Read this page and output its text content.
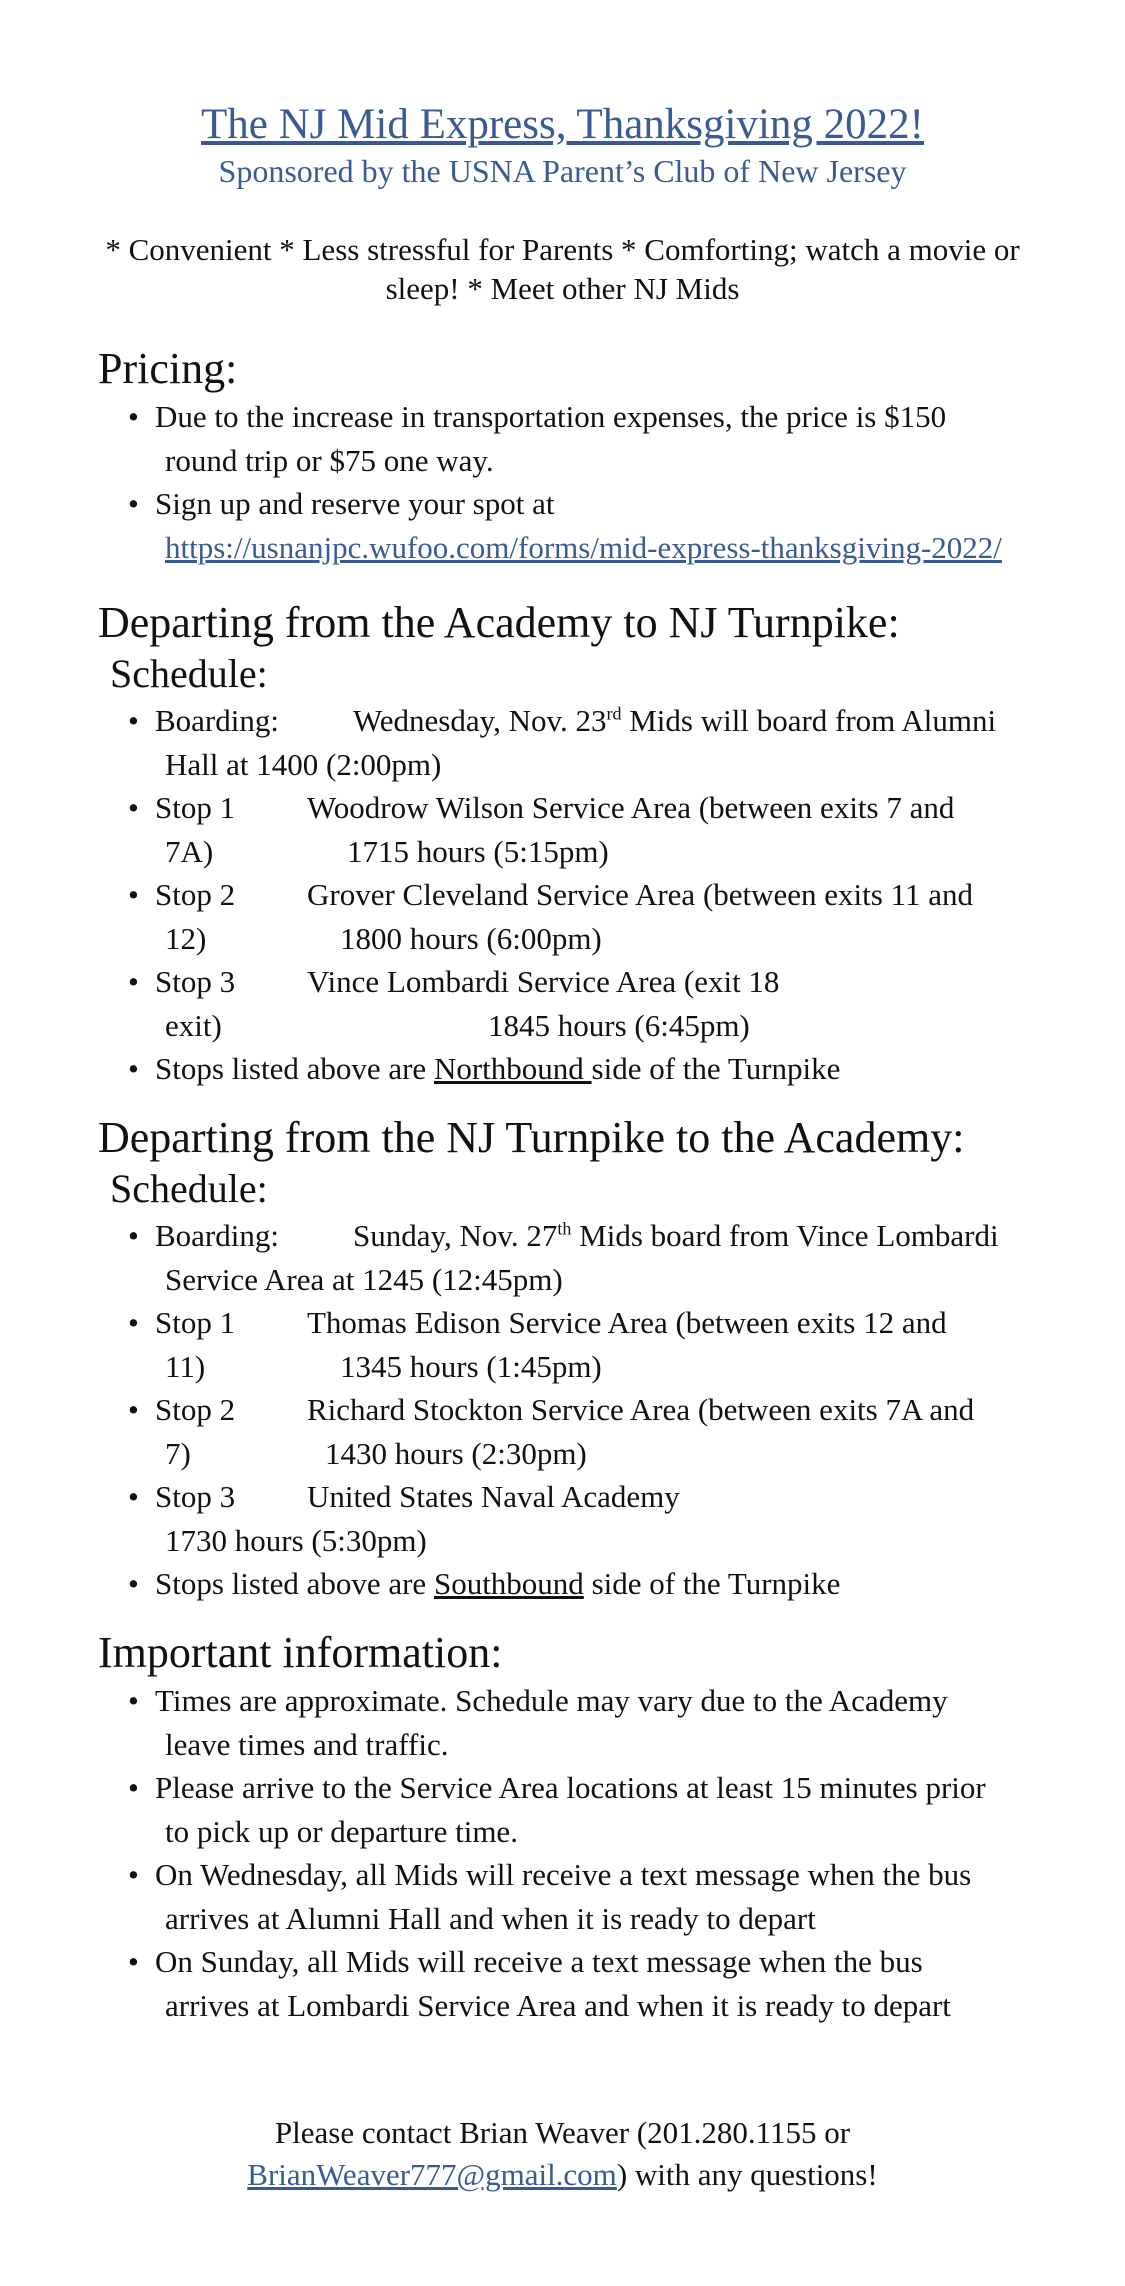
The NJ Mid Express, Thanksgiving 2022!
Sponsored by the USNA Parent’s Club of New Jersey
* Convenient * Less stressful for Parents * Comforting; watch a movie or
sleep! * Meet other NJ Mids
Pricing:
• Due to the increase in transportation expenses, the price is $150
round trip or $75 one way.
• Sign up and reserve your spot at
https://usnanjpc.wufoo.com/forms/mid-express-thanksgiving-2022/
Departing from the Academy to NJ Turnpike:
Schedule:
• Boarding: Wednesday, Nov. 23rd Mids will board from Alumni
Hall at 1400 (2:00pm)
• Stop 1 Woodrow Wilson Service Area (between exits 7 and
7A)	1715 hours (5:15pm)
• Stop 2 Grover Cleveland Service Area (between exits 11 and
12)	1800 hours (6:00pm)
• Stop 3 Vince Lombardi Service Area (exit 18
exit)	1845 hours (6:45pm)
• Stops listed above are Northbound side of the Turnpike
Departing from the NJ Turnpike to the Academy:
Schedule:
• Boarding: Sunday, Nov. 27th Mids board from Vince Lombardi
Service Area at 1245 (12:45pm)
• Stop 1 Thomas Edison Service Area (between exits 12 and
11)	1345 hours (1:45pm)
• Stop 2 Richard Stockton Service Area (between exits 7A and
7)	1430 hours (2:30pm)
• Stop 3 United States Naval Academy
1730 hours (5:30pm)
• Stops listed above are Southbound side of the Turnpike
Important information:
• Times are approximate. Schedule may vary due to the Academy
leave times and traffic.
• Please arrive to the Service Area locations at least 15 minutes prior
to pick up or departure time.
• On Wednesday, all Mids will receive a text message when the bus
arrives at Alumni Hall and when it is ready to depart
• On Sunday, all Mids will receive a text message when the bus
arrives at Lombardi Service Area and when it is ready to depart
Please contact Brian Weaver (201.280.1155 or
BrianWeaver777@gmail.com) with any questions!
